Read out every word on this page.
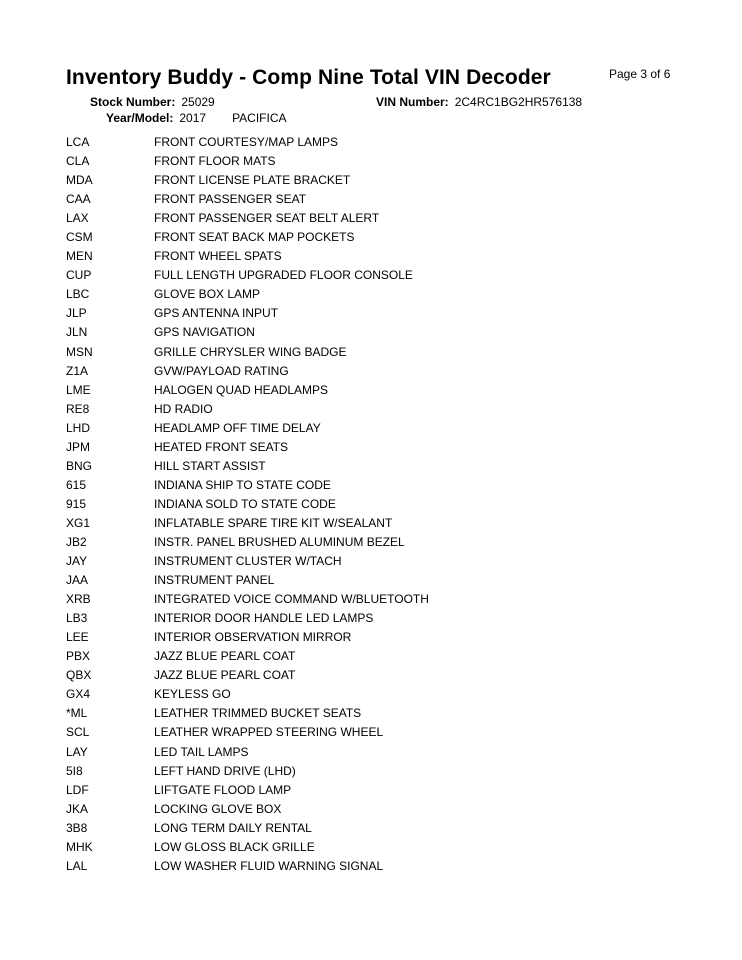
Inventory Buddy - Comp Nine Total VIN Decoder	Page 3 of 6
Stock Number: 25029
Year/Model: 2017 PACIFICA
VIN Number: 2C4RC1BG2HR576138
LCA	FRONT COURTESY/MAP LAMPS
CLA	FRONT FLOOR MATS
MDA	FRONT LICENSE PLATE BRACKET
CAA	FRONT PASSENGER SEAT
LAX	FRONT PASSENGER SEAT BELT ALERT
CSM	FRONT SEAT BACK MAP POCKETS
MEN	FRONT WHEEL SPATS
CUP	FULL LENGTH UPGRADED FLOOR CONSOLE
LBC	GLOVE BOX LAMP
JLP	GPS ANTENNA INPUT
JLN	GPS NAVIGATION
MSN	GRILLE CHRYSLER WING BADGE
Z1A	GVW/PAYLOAD RATING
LME	HALOGEN QUAD HEADLAMPS
RE8	HD RADIO
LHD	HEADLAMP OFF TIME DELAY
JPM	HEATED FRONT SEATS
BNG	HILL START ASSIST
615	INDIANA SHIP TO STATE CODE
915	INDIANA SOLD TO STATE CODE
XG1	INFLATABLE SPARE TIRE KIT W/SEALANT
JB2	INSTR. PANEL BRUSHED ALUMINUM BEZEL
JAY	INSTRUMENT CLUSTER W/TACH
JAA	INSTRUMENT PANEL
XRB	INTEGRATED VOICE COMMAND W/BLUETOOTH
LB3	INTERIOR DOOR HANDLE LED LAMPS
LEE	INTERIOR OBSERVATION MIRROR
PBX	JAZZ BLUE PEARL COAT
QBX	JAZZ BLUE PEARL COAT
GX4	KEYLESS GO
*ML	LEATHER TRIMMED BUCKET SEATS
SCL	LEATHER WRAPPED STEERING WHEEL
LAY	LED TAIL LAMPS
5I8	LEFT HAND DRIVE (LHD)
LDF	LIFTGATE FLOOD LAMP
JKA	LOCKING GLOVE BOX
3B8	LONG TERM DAILY RENTAL
MHK	LOW GLOSS BLACK GRILLE
LAL	LOW WASHER FLUID WARNING SIGNAL
